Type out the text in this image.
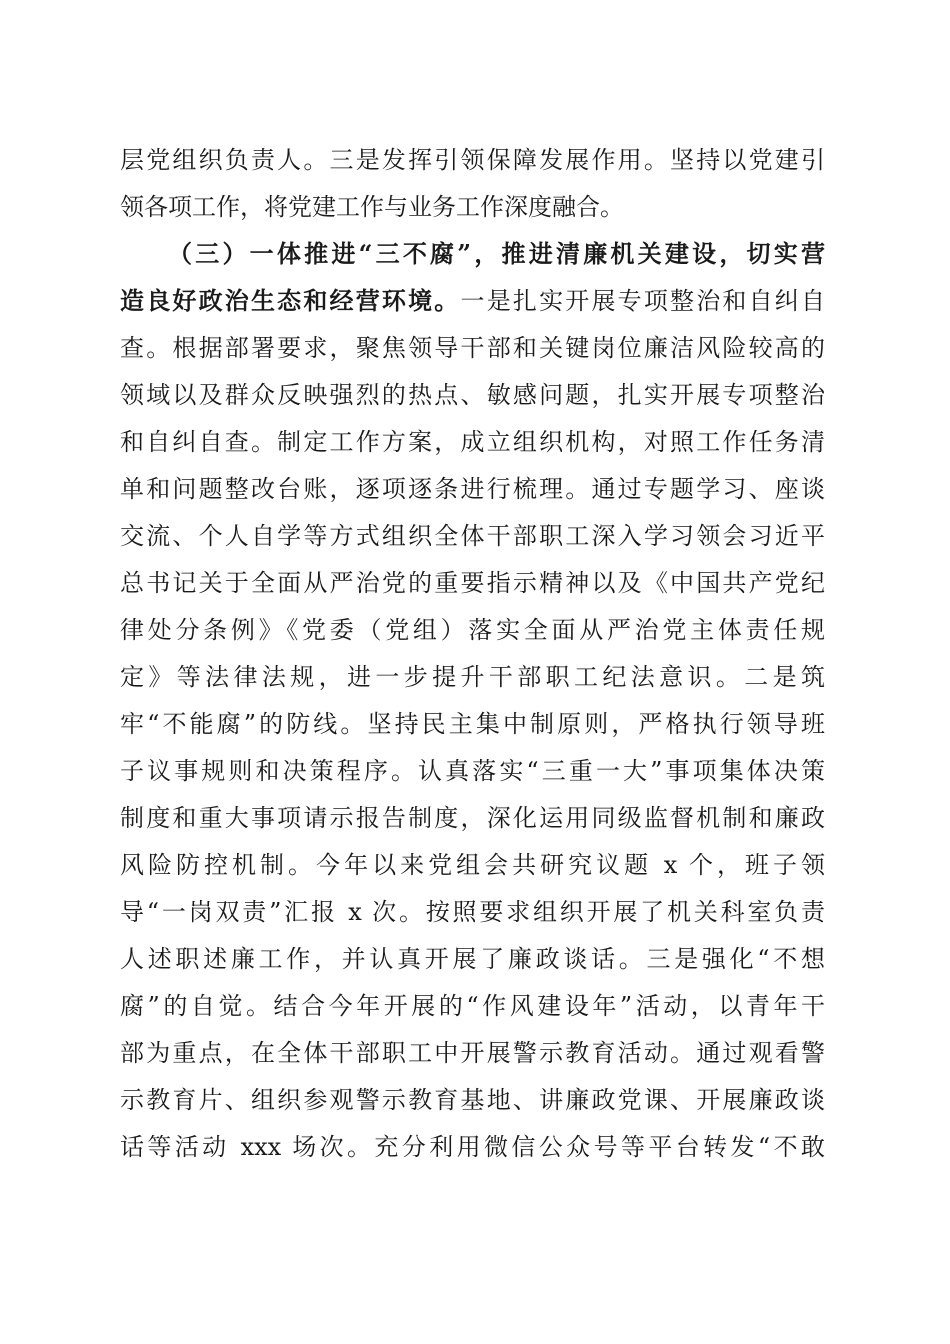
层党组织负责人。三是发挥引领保障发展作用。坚持以党建引
领各项工作，将党建工作与业务工作深度融合。
（三）一体推进“三不腐”，推进清廉机关建设，切实营
造良好政治生态和经营环境。一是扎实开展专项整治和自纠自
查。根据部署要求，聚焦领导干部和关键岗位廉洁风险较高的
领域以及群众反映强烈的热点、敏感问题，扎实开展专项整治
和自纠自查。制定工作方案，成立组织机构，对照工作任务清
单和问题整改台账，逐项逐条进行梳理。通过专题学习、座谈
交流、个人自学等方式组织全体干部职工深入学习领会习近平
总书记关于全面从严治党的重要指示精神以及《中国共产党纪
律处分条例》《党委（党组）落实全面从严治党主体责任规
定》等法律法规，进一步提升干部职工纪法意识。二是筑
牢“不能腐”的防线。坚持民主集中制原则，严格执行领导班
子议事规则和决策程序。认真落实“三重一大”事项集体决策
制度和重大事项请示报告制度，深化运用同级监督机制和廉政
风险防控机制。今年以来党组会共研究议题 x 个，班子领
导“一岗双责”汇报 x 次。按照要求组织开展了机关科室负责
人述职述廉工作，并认真开展了廉政谈话。三是强化“不想
腐”的自觉。结合今年开展的“作风建设年”活动，以青年干
部为重点，在全体干部职工中开展警示教育活动。通过观看警
示教育片、组织参观警示教育基地、讲廉政党课、开展廉政谈
话等活动 xxx 场次。充分利用微信公众号等平台转发“不敢
